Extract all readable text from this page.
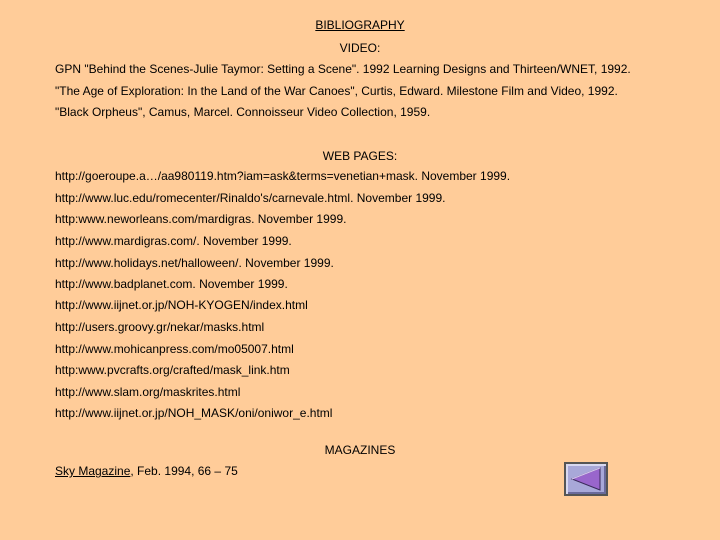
BIBLIOGRAPHY
VIDEO:
GPN "Behind the Scenes-Julie Taymor: Setting a Scene". 1992 Learning Designs and Thirteen/WNET, 1992.
"The Age of Exploration: In the Land of the War Canoes", Curtis, Edward. Milestone Film and Video, 1992.
"Black Orpheus", Camus, Marcel. Connoisseur Video Collection, 1959.
WEB PAGES:
http://goeroupe.a…/aa980119.htm?iam=ask&terms=venetian+mask. November 1999.
http://www.luc.edu/romecenter/Rinaldo's/carnevale.html. November 1999.
http:www.neworleans.com/mardigras. November 1999.
http://www.mardigras.com/. November 1999.
http://www.holidays.net/halloween/. November 1999.
http://www.badplanet.com. November 1999.
http://www.iijnet.or.jp/NOH-KYOGEN/index.html
http://users.groovy.gr/nekar/masks.html
http://www.mohicanpress.com/mo05007.html
http:www.pvcrafts.org/crafted/mask_link.htm
http://www.slam.org/maskrites.html
http://www.iijnet.or.jp/NOH_MASK/oni/oniwor_e.html
MAGAZINES
Sky Magazine, Feb. 1994, 66 – 75
